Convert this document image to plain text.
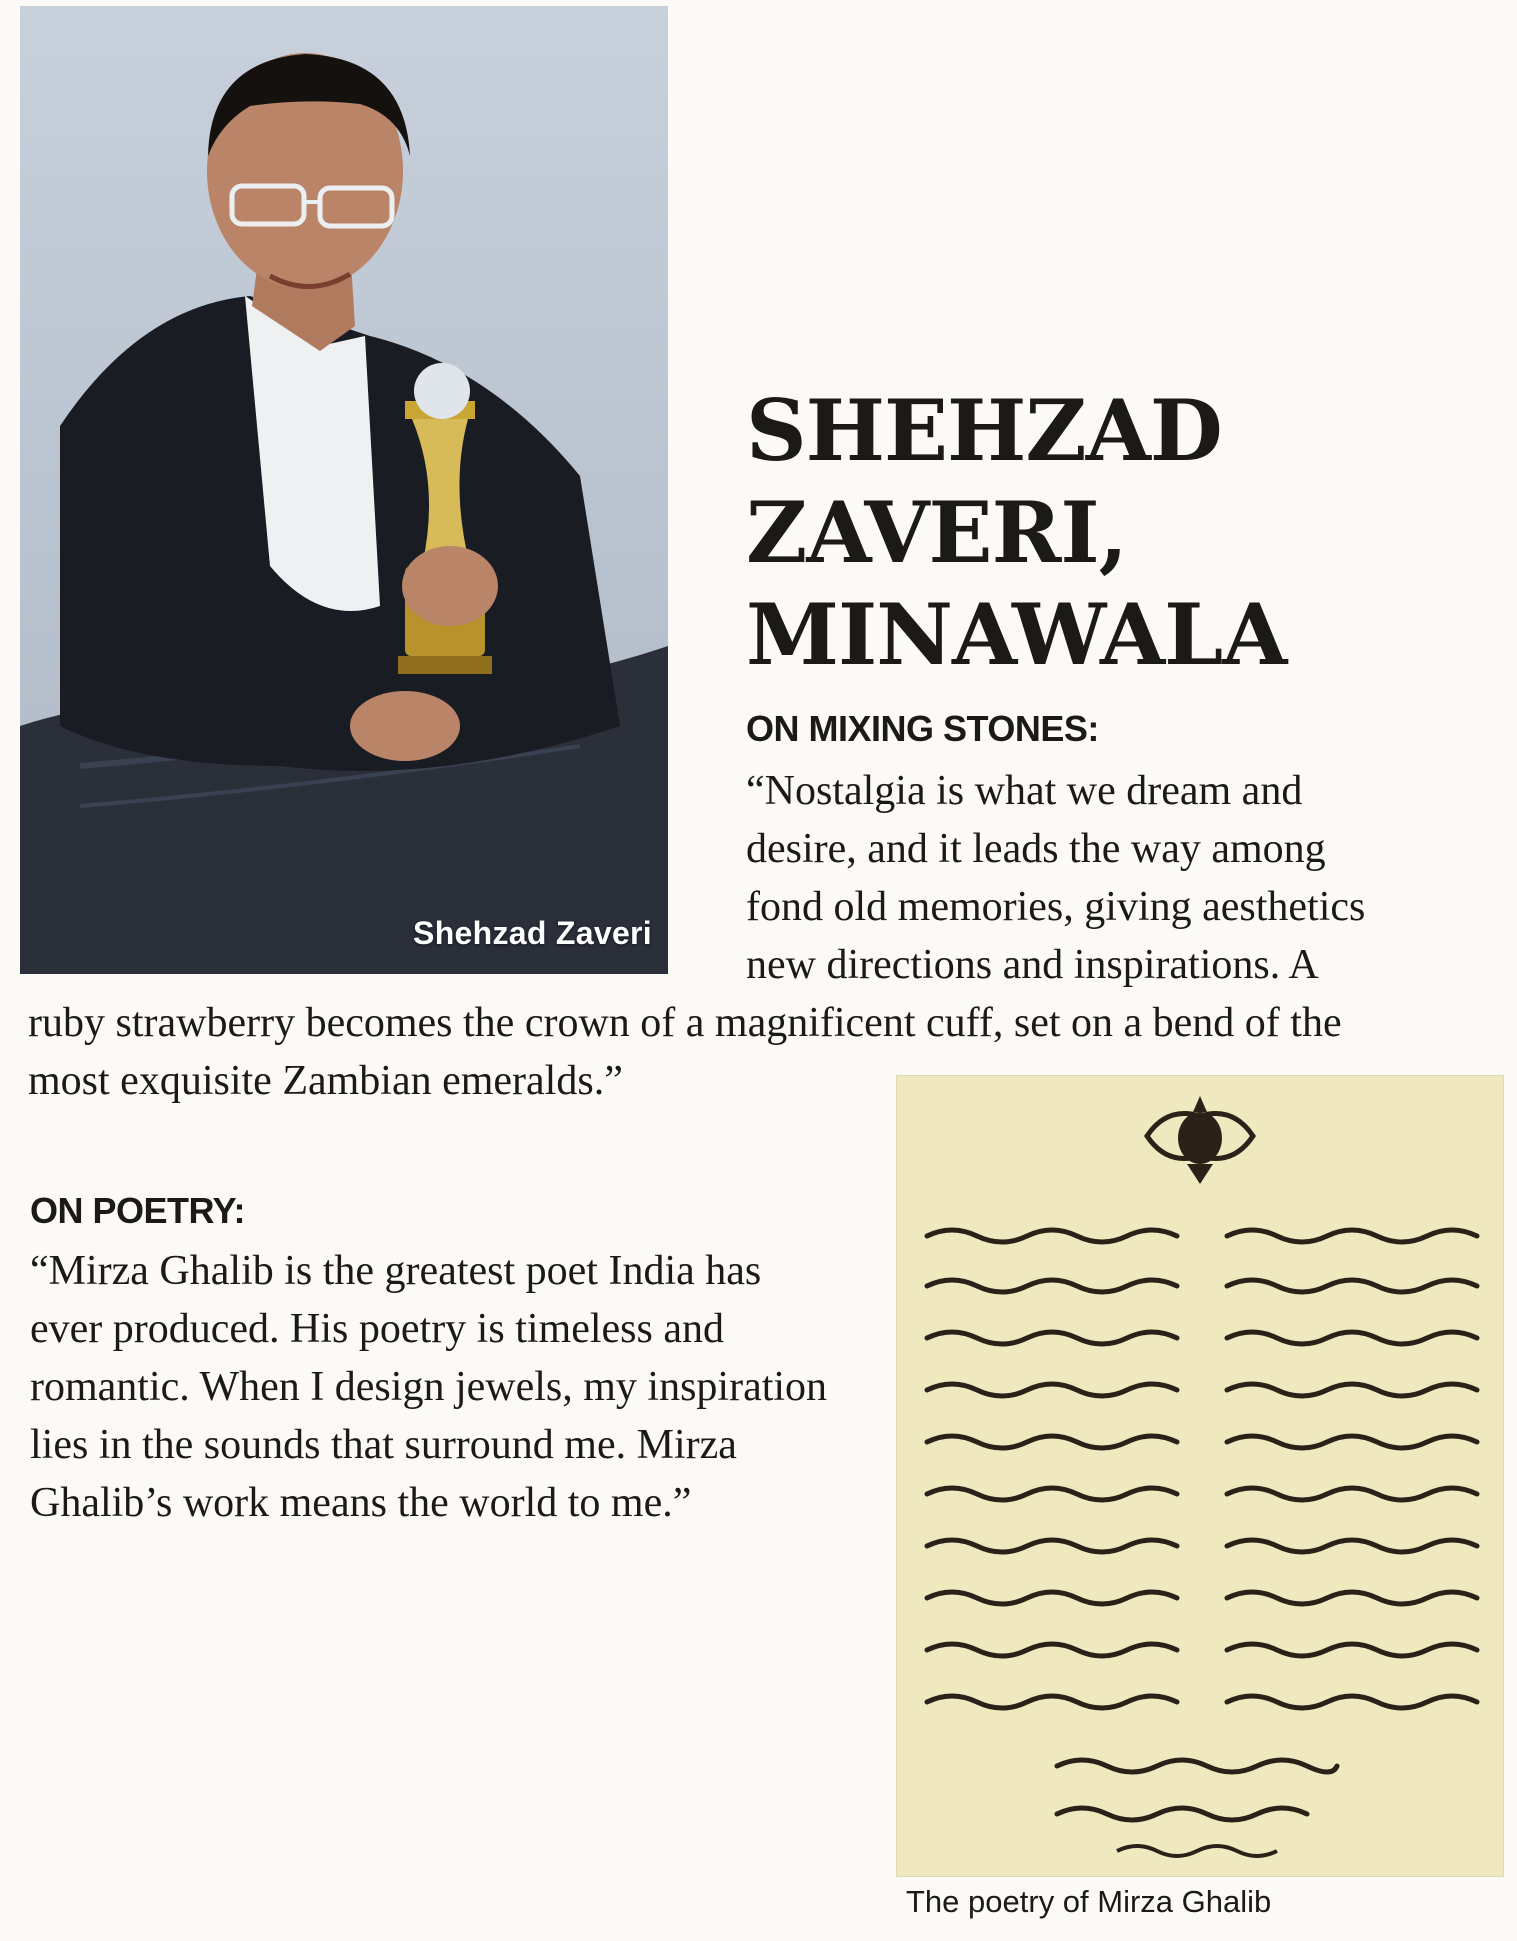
Shehzad Zaveri
SHEHZAD
ZAVERI,
MINAWALA
ON MIXING STONES:

“Nostalgia is what we dream and desire, and it leads the way among fond old memories, giving aesthetics new directions and inspirations. A

ruby strawberry becomes the crown of a magnificent cuff, set on a bend of the most exquisite Zambian emeralds.”

ON POETRY:

“Mirza Ghalib is the greatest poet India has ever produced. His poetry is timeless and romantic. When I design jewels, my inspiration lies in the sounds that surround me. Mirza Ghalib’s work means the world to me.”

The poetry of Mirza Ghalib
